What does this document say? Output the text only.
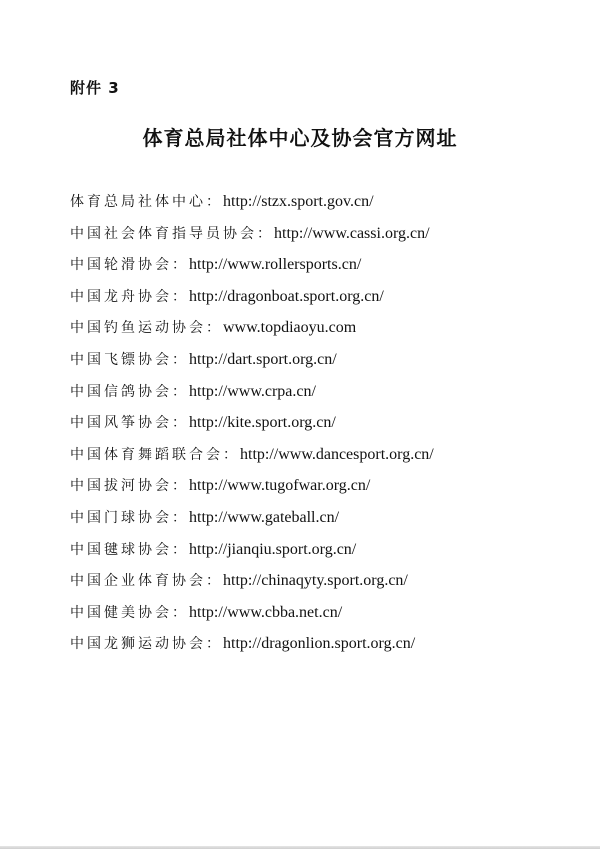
附件 3
体育总局社体中心及协会官方网址
体育总局社体中心：http://stzx.sport.gov.cn/
中国社会体育指导员协会：http://www.cassi.org.cn/
中国轮滑协会：http://www.rollersports.cn/
中国龙舟协会：http://dragonboat.sport.org.cn/
中国钓鱼运动协会：www.topdiaoyu.com
中国飞镖协会：http://dart.sport.org.cn/
中国信鸽协会：http://www.crpa.cn/
中国风筝协会：http://kite.sport.org.cn/
中国体育舞蹈联合会：http://www.dancesport.org.cn/
中国拔河协会：http://www.tugofwar.org.cn/
中国门球协会：http://www.gateball.cn/
中国毽球协会：http://jianqiu.sport.org.cn/
中国企业体育协会：http://chinaqyty.sport.org.cn/
中国健美协会：http://www.cbba.net.cn/
中国龙狮运动协会：http://dragonlion.sport.org.cn/
